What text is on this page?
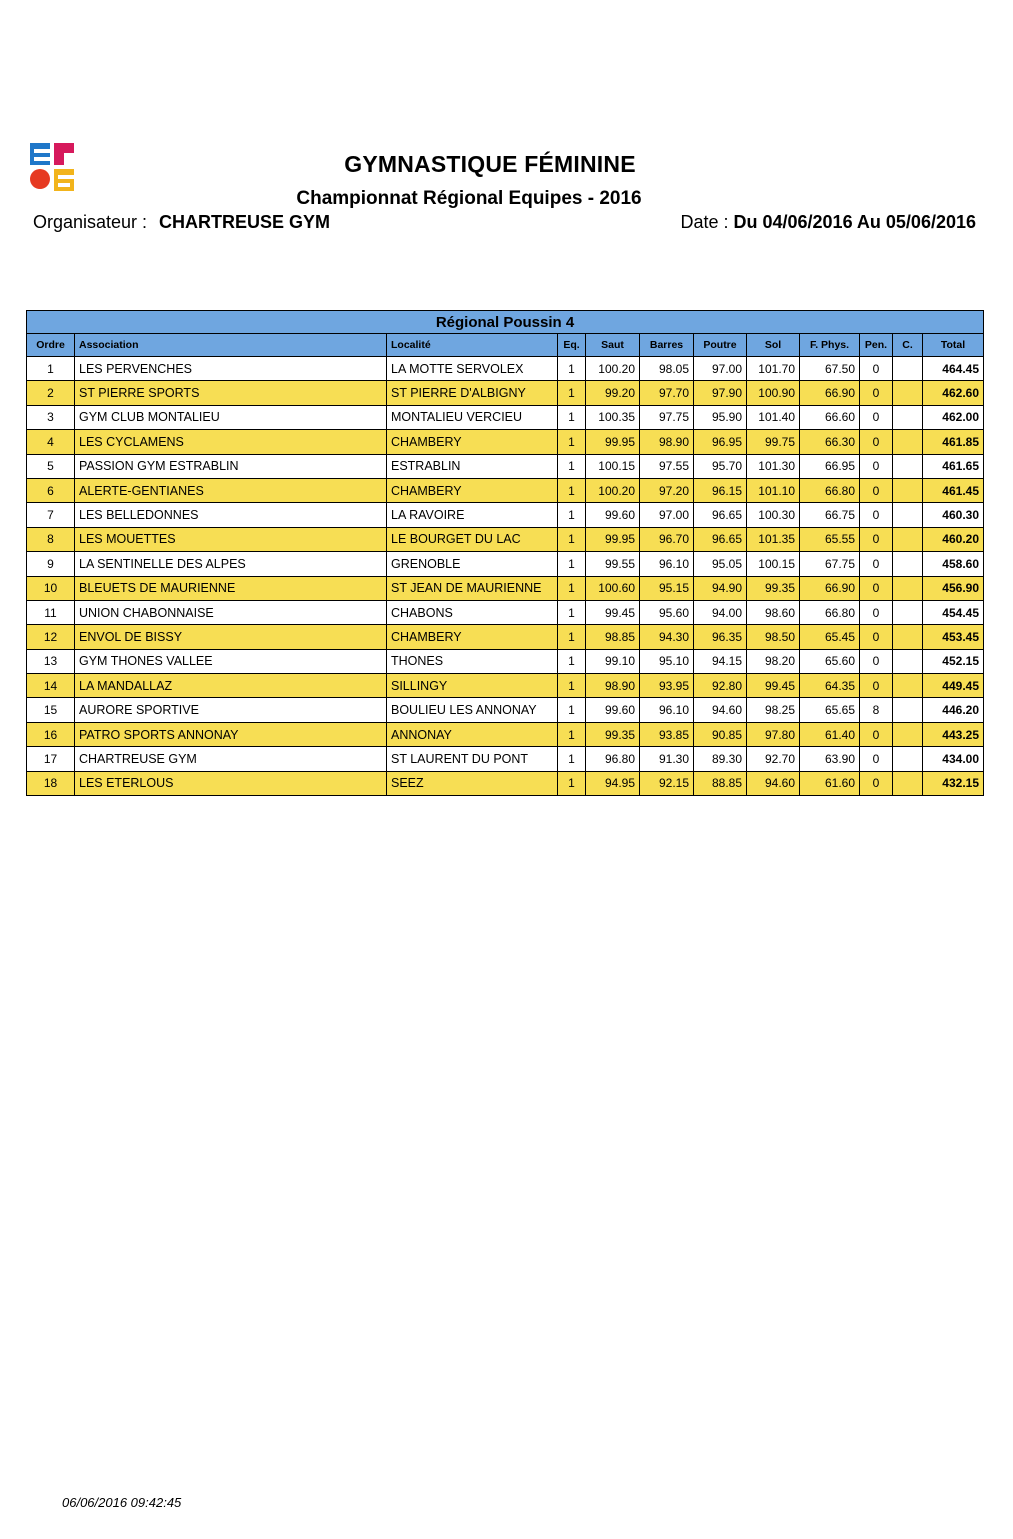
GYMNASTIQUE FÉMININE
Championnat Régional Equipes - 2016
Organisateur : CHARTREUSE GYM	Date : Du 04/06/2016 Au 05/06/2016
Régional Poussin 4											
Ordre	Association	Localité	Eq.	Saut	Barres	Poutre	Sol	F. Phys.	Pen.	C.	Total
1	LES PERVENCHES	LA MOTTE SERVOLEX	1	100.20	98.05	97.00	101.70	67.50	0		464.45
2	ST PIERRE SPORTS	ST PIERRE D'ALBIGNY	1	99.20	97.70	97.90	100.90	66.90	0		462.60
3	GYM CLUB MONTALIEU	MONTALIEU VERCIEU	1	100.35	97.75	95.90	101.40	66.60	0		462.00
4	LES CYCLAMENS	CHAMBERY	1	99.95	98.90	96.95	99.75	66.30	0		461.85
5	PASSION GYM ESTRABLIN	ESTRABLIN	1	100.15	97.55	95.70	101.30	66.95	0		461.65
6	ALERTE-GENTIANES	CHAMBERY	1	100.20	97.20	96.15	101.10	66.80	0		461.45
7	LES BELLEDONNES	LA RAVOIRE	1	99.60	97.00	96.65	100.30	66.75	0		460.30
8	LES MOUETTES	LE BOURGET DU LAC	1	99.95	96.70	96.65	101.35	65.55	0		460.20
9	LA SENTINELLE DES ALPES	GRENOBLE	1	99.55	96.10	95.05	100.15	67.75	0		458.60
10	BLEUETS DE MAURIENNE	ST JEAN DE MAURIENNE	1	100.60	95.15	94.90	99.35	66.90	0		456.90
11	UNION CHABONNAISE	CHABONS	1	99.45	95.60	94.00	98.60	66.80	0		454.45
12	ENVOL DE BISSY	CHAMBERY	1	98.85	94.30	96.35	98.50	65.45	0		453.45
13	GYM THONES VALLEE	THONES	1	99.10	95.10	94.15	98.20	65.60	0		452.15
14	LA MANDALLAZ	SILLINGY	1	98.90	93.95	92.80	99.45	64.35	0		449.45
15	AURORE SPORTIVE	BOULIEU LES ANNONAY	1	99.60	96.10	94.60	98.25	65.65	8		446.20
16	PATRO SPORTS ANNONAY	ANNONAY	1	99.35	93.85	90.85	97.80	61.40	0		443.25
17	CHARTREUSE GYM	ST LAURENT DU PONT	1	96.80	91.30	89.30	92.70	63.90	0		434.00
18	LES ETERLOUS	SEEZ	1	94.95	92.15	88.85	94.60	61.60	0		432.15
06/06/2016 09:42:45
